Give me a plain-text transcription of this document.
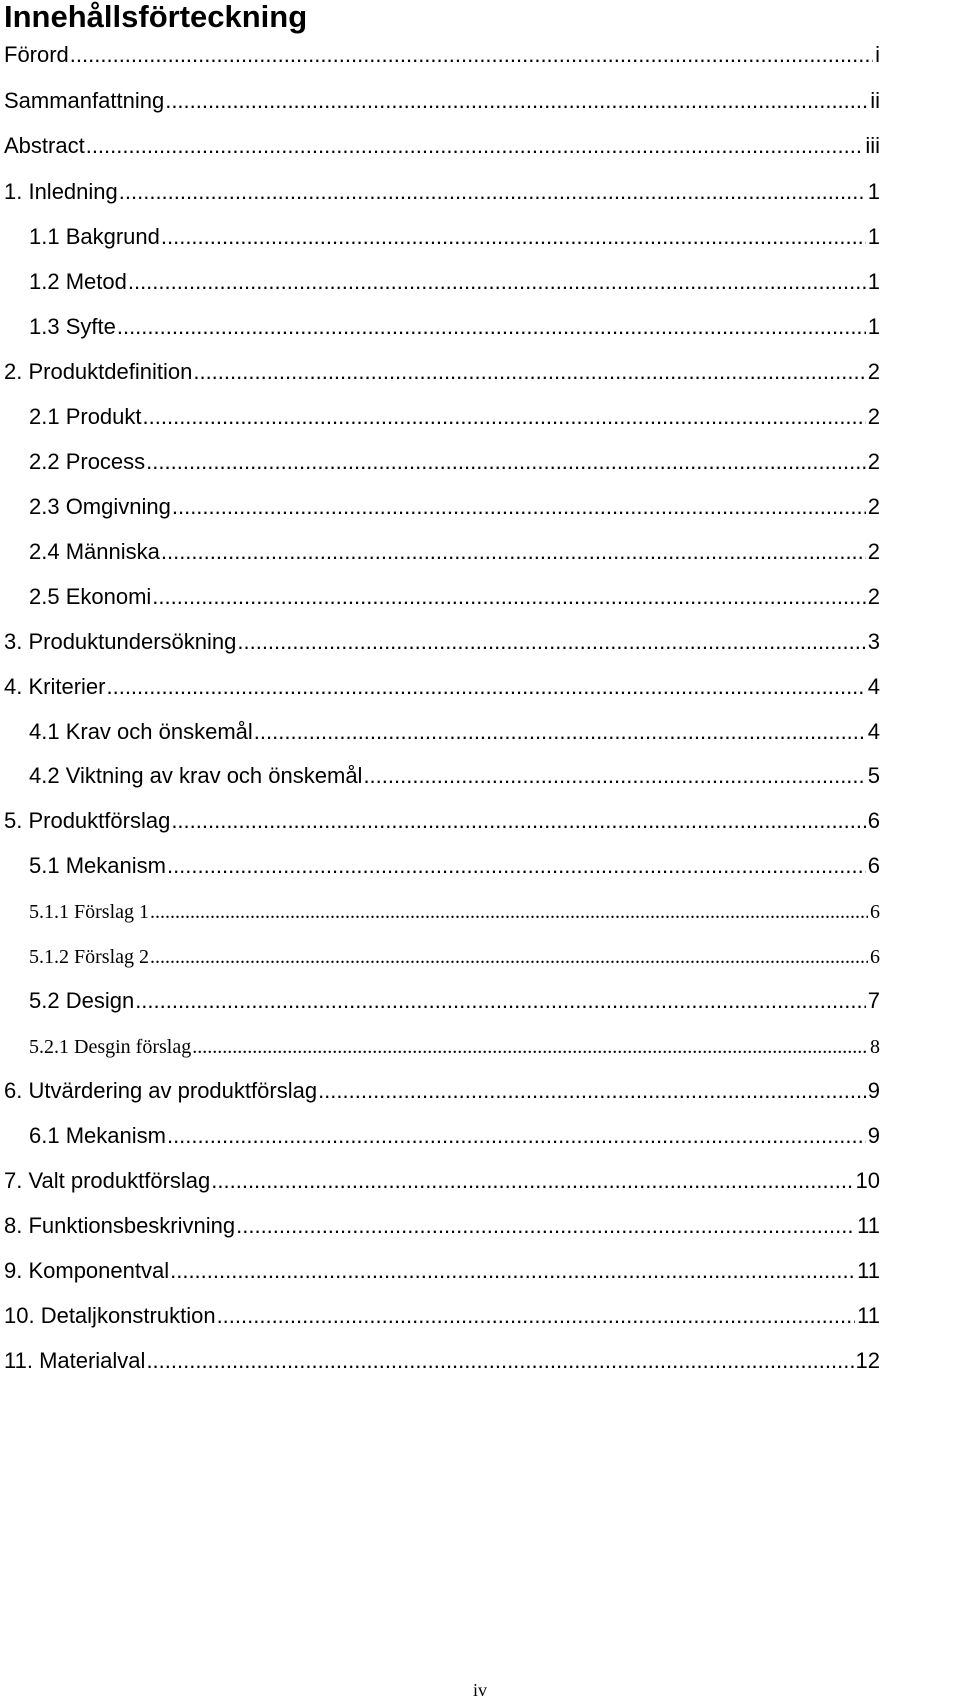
Innehållsförteckning
Förord .....	i
Sammanfattning .....	ii
Abstract .....	iii
1. Inledning .....	1
1.1 Bakgrund .....	1
1.2 Metod .....	1
1.3 Syfte .....	1
2. Produktdefinition .....	2
2.1 Produkt .....	2
2.2 Process .....	2
2.3 Omgivning .....	2
2.4 Människa .....	2
2.5 Ekonomi .....	2
3. Produktundersökning .....	3
4. Kriterier .....	4
4.1 Krav och önskemål .....	4
4.2 Viktning av krav och önskemål .....	5
5. Produktförslag .....	6
5.1 Mekanism .....	6
5.1.1 Förslag 1 .....	6
5.1.2 Förslag 2 .....	6
5.2 Design .....	7
5.2.1 Desgin förslag .....	8
6. Utvärdering av produktförslag .....	9
6.1 Mekanism .....	9
7. Valt produktförslag .....	10
8. Funktionsbeskrivning .....	11
9. Komponentval .....	11
10. Detaljkonstruktion .....	11
11. Materialval .....	12
iv
